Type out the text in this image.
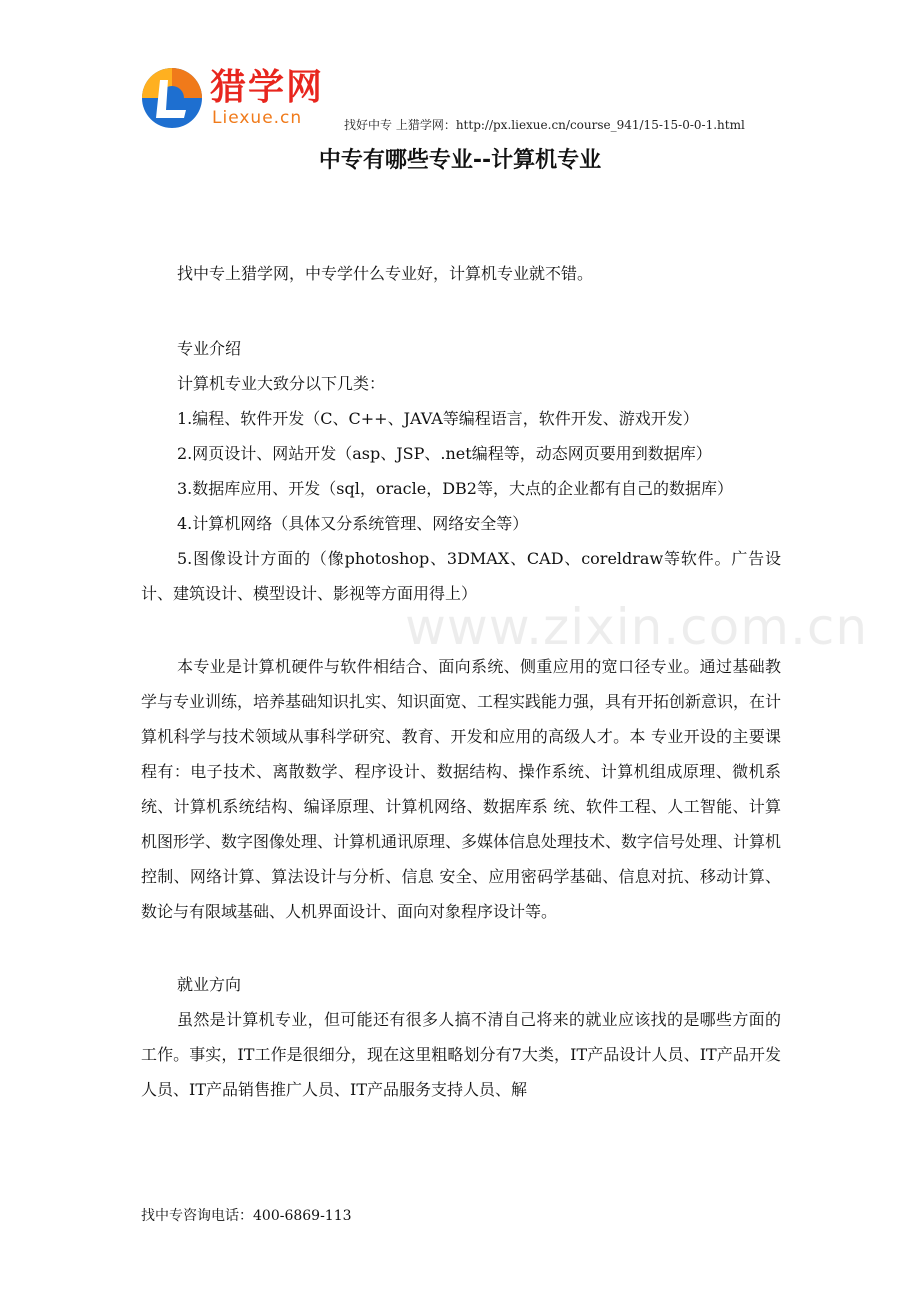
猎学网
Liexue.cn	找好中专 上猎学网：http://px.liexue.cn/course_941/15-15-0-0-1.html
中专有哪些专业--计算机专业
www.zixin.com.cn

找中专上猎学网，中专学什么专业好，计算机专业就不错。

专业介绍

计算机专业大致分以下几类：

1.编程、软件开发（C、C++、JAVA等编程语言，软件开发、游戏开发）

2.网页设计、网站开发（asp、JSP、.net编程等，动态网页要用到数据库）

3.数据库应用、开发（sql，oracle，DB2等，大点的企业都有自己的数据库）

4.计算机网络（具体又分系统管理、网络安全等）

5.图像设计方面的（像photoshop、3DMAX、CAD、coreldraw等软件。广告设计、建筑设计、模型设计、影视等方面用得上）

本专业是计算机硬件与软件相结合、面向系统、侧重应用的宽口径专业。通过基础教学与专业训练，培养基础知识扎实、知识面宽、工程实践能力强，具有开拓创新意识，在计算机科学与技术领域从事科学研究、教育、开发和应用的高级人才。本 专业开设的主要课程有：电子技术、离散数学、程序设计、数据结构、操作系统、计算机组成原理、微机系统、计算机系统结构、编译原理、计算机网络、数据库系 统、软件工程、人工智能、计算机图形学、数字图像处理、计算机通讯原理、多媒体信息处理技术、数字信号处理、计算机控制、网络计算、算法设计与分析、信息 安全、应用密码学基础、信息对抗、移动计算、数论与有限域基础、人机界面设计、面向对象程序设计等。

就业方向

虽然是计算机专业，但可能还有很多人搞不清自己将来的就业应该找的是哪些方面的工作。事实，IT工作是很细分，现在这里粗略划分有7大类，IT产品设计人员、IT产品开发人员、IT产品销售推广人员、IT产品服务支持人员、解

找中专咨询电话：400-6869-113
